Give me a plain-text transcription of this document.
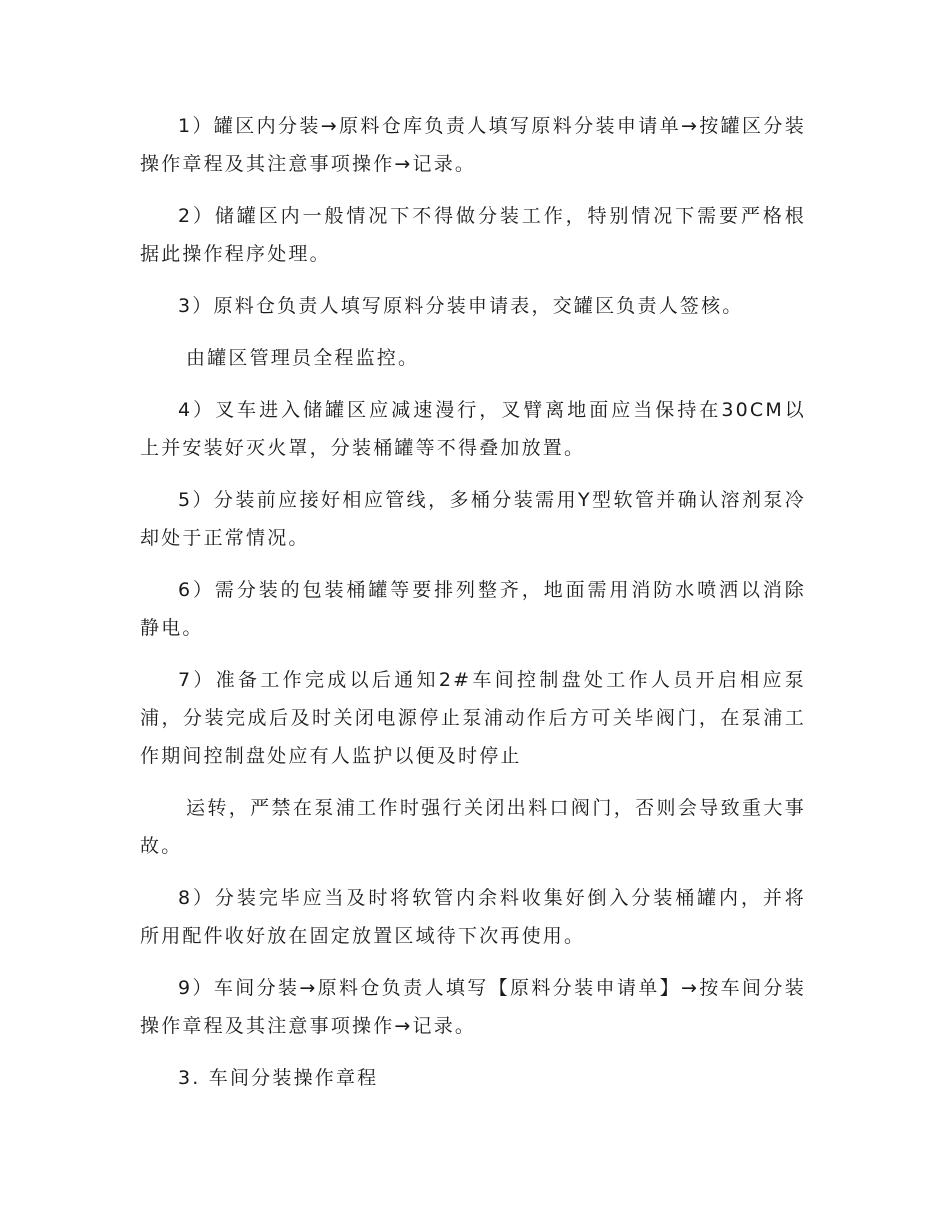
1）罐区内分装→原料仓库负责人填写原料分装申请单→按罐区分装操作章程及其注意事项操作→记录。

2）储罐区内一般情况下不得做分装工作，特别情况下需要严格根据此操作程序处理。

3）原料仓负责人填写原料分装申请表，交罐区负责人签核。

由罐区管理员全程监控。

4）叉车进入储罐区应减速漫行，叉臂离地面应当保持在30CM以上并安装好灭火罩，分装桶罐等不得叠加放置。

5）分装前应接好相应管线，多桶分装需用Y型软管并确认溶剂泵冷却处于正常情况。

6）需分装的包装桶罐等要排列整齐，地面需用消防水喷洒以消除静电。

7）准备工作完成以后通知2#车间控制盘处工作人员开启相应泵浦，分装完成后及时关闭电源停止泵浦动作后方可关毕阀门，在泵浦工作期间控制盘处应有人监护以便及时停止

运转，严禁在泵浦工作时强行关闭出料口阀门，否则会导致重大事故。

8）分装完毕应当及时将软管内余料收集好倒入分装桶罐内，并将所用配件收好放在固定放置区域待下次再使用。

9）车间分装→原料仓负责人填写【原料分装申请单】→按车间分装操作章程及其注意事项操作→记录。

3. 车间分装操作章程
